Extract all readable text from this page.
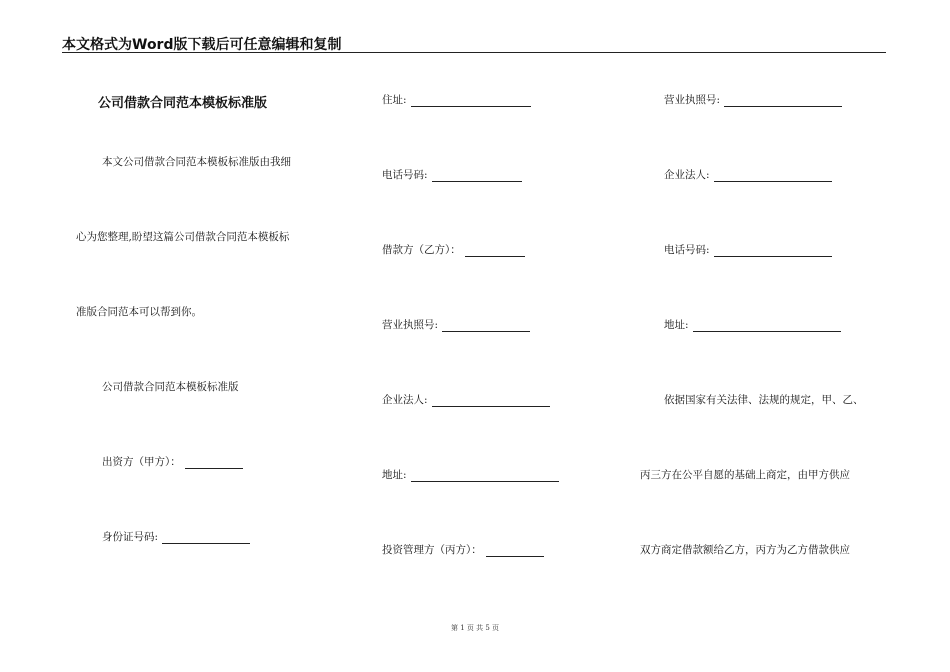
本文格式为Word版下载后可任意编辑和复制
公司借款合同范本模板标准版
本文公司借款合同范本模板标准版由我细
心为您整理,盼望这篇公司借款合同范本模板标
准版合同范本可以帮到你。
公司借款合同范本模板标准版
出资方（甲方）：
身份证号码:
住址:
电话号码:
借款方（乙方）：
营业执照号:
企业法人:
地址:
投资管理方（丙方）：
营业执照号:
企业法人:
电话号码:
地址:
依据国家有关法律、法规的规定，甲、乙、
丙三方在公平自愿的基础上商定，由甲方供应
双方商定借款额给乙方，丙方为乙方借款供应
第 1 页 共 5 页
